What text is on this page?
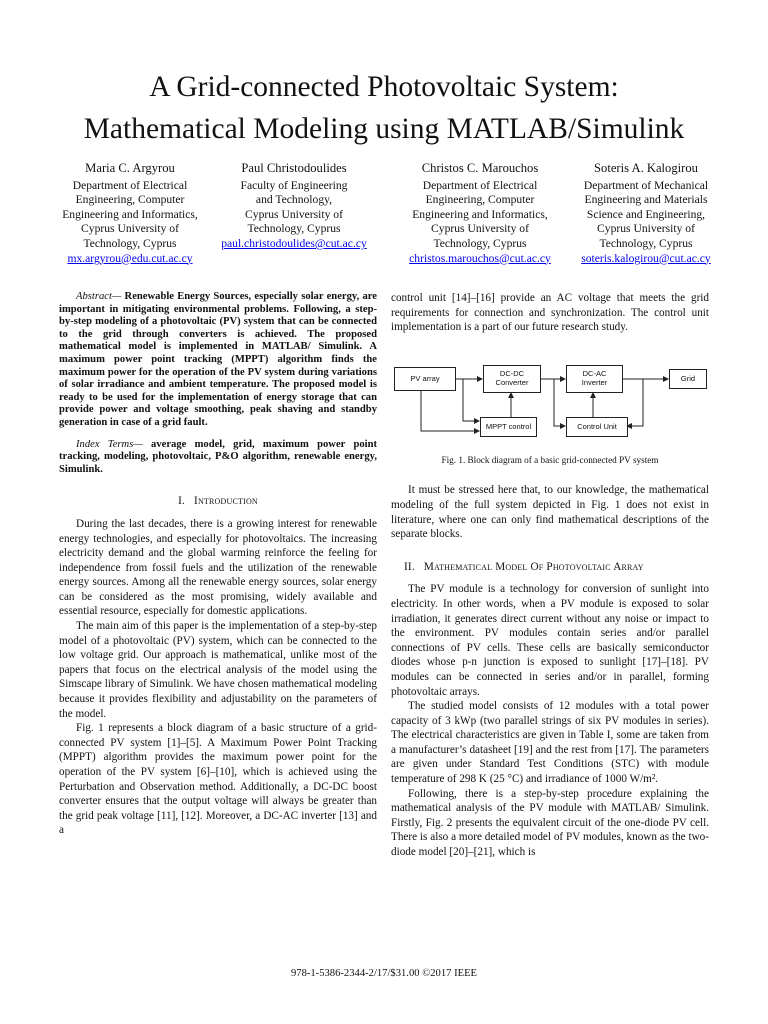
A Grid-connected Photovoltaic System:
Mathematical Modeling using MATLAB/Simulink
Maria C. Argyrou
Department of Electrical
Engineering, Computer
Engineering and Informatics,
Cyprus University of
Technology, Cyprus
mx.argyrou@edu.cut.ac.cy
Paul Christodoulides
Faculty of Engineering
and Technology,
Cyprus University of
Technology, Cyprus
paul.christodoulides@cut.ac.cy
Christos C. Marouchos
Department of Electrical
Engineering, Computer
Engineering and Informatics,
Cyprus University of
Technology, Cyprus
christos.marouchos@cut.ac.cy
Soteris A. Kalogirou
Department of Mechanical
Engineering and Materials
Science and Engineering,
Cyprus University of
Technology, Cyprus
soteris.kalogirou@cut.ac.cy

Abstract— Renewable Energy Sources, especially solar energy, are important in mitigating environmental problems. Following, a step-by-step modeling of a photovoltaic (PV) system that can be connected to the grid through converters is achieved. The proposed mathematical model is implemented in MATLAB/ Simulink. A maximum power point tracking (MPPT) algorithm finds the maximum power for the operation of the PV system during variations of solar irradiance and ambient temperature. The proposed model is ready to be used for the implementation of energy storage that can provide power and voltage smoothing, peak shaving and standby generation in case of a grid fault.

Index Terms— average model, grid, maximum power point tracking, modeling, photovoltaic, P&O algorithm, renewable energy, Simulink.

I. Introduction

During the last decades, there is a growing interest for renewable energy technologies, and especially for photovoltaics. The increasing electricity demand and the global warming reinforce the feeling for independence from fossil fuels and the utilization of the renewable energy sources. Among all the renewable energy sources, solar energy can be considered as the most promising, widely available and essential resource, especially for domestic applications.

The main aim of this paper is the implementation of a step-by-step model of a photovoltaic (PV) system, which can be connected to the low voltage grid. Our approach is mathematical, unlike most of the papers that focus on the electrical analysis of the model using the Simscape library of Simulink. We have chosen mathematical modeling because it provides flexibility and adjustability on the parameters of the model.

Fig. 1 represents a block diagram of a basic structure of a grid-connected PV system [1]–[5]. A Maximum Power Point Tracking (MPPT) algorithm provides the maximum power point for the operation of the PV system [6]–[10], which is achieved using the Perturbation and Observation method. Additionally, a DC-DC boost converter ensures that the output voltage will always be greater than the grid peak voltage [11], [12]. Moreover, a DC-AC inverter [13] and a

control unit [14]–[16] provide an AC voltage that meets the grid requirements for connection and synchronization. The control unit implementation is a part of our future research study.

PV array	DC-DC
Converter
DC-AC
Inverter	Grid
MPPT control	Control Unit
Fig. 1. Block diagram of a basic grid-connected PV system

It must be stressed here that, to our knowledge, the mathematical modeling of the full system depicted in Fig. 1 does not exist in literature, where one can only find mathematical descriptions of the separate blocks.

II. Mathematical Model Of Photovoltaic Array

The PV module is a technology for conversion of sunlight into electricity. In other words, when a PV module is exposed to solar irradiation, it generates direct current without any noise or impact to the environment. PV modules contain series and/or parallel connections of PV cells. These cells are basically semiconductor diodes whose p-n junction is exposed to sunlight [17]–[18]. PV modules can be connected in series and/or in parallel, forming photovoltaic arrays.

The studied model consists of 12 modules with a total power capacity of 3 kWp (two parallel strings of six PV modules in series). The electrical characteristics are given in Table I, some are taken from a manufacturer’s datasheet [19] and the rest from [17]. The parameters are given under Standard Test Conditions (STC) with module temperature of 298 K (25 °C) and irradiance of 1000 W/m².

Following, there is a step-by-step procedure explaining the mathematical analysis of the PV module with MATLAB/ Simulink. Firstly, Fig. 2 presents the equivalent circuit of the one-diode PV cell. There is also a more detailed model of PV modules, known as the two-diode model [20]–[21], which is

978-1-5386-2344-2/17/$31.00 ©2017 IEEE
